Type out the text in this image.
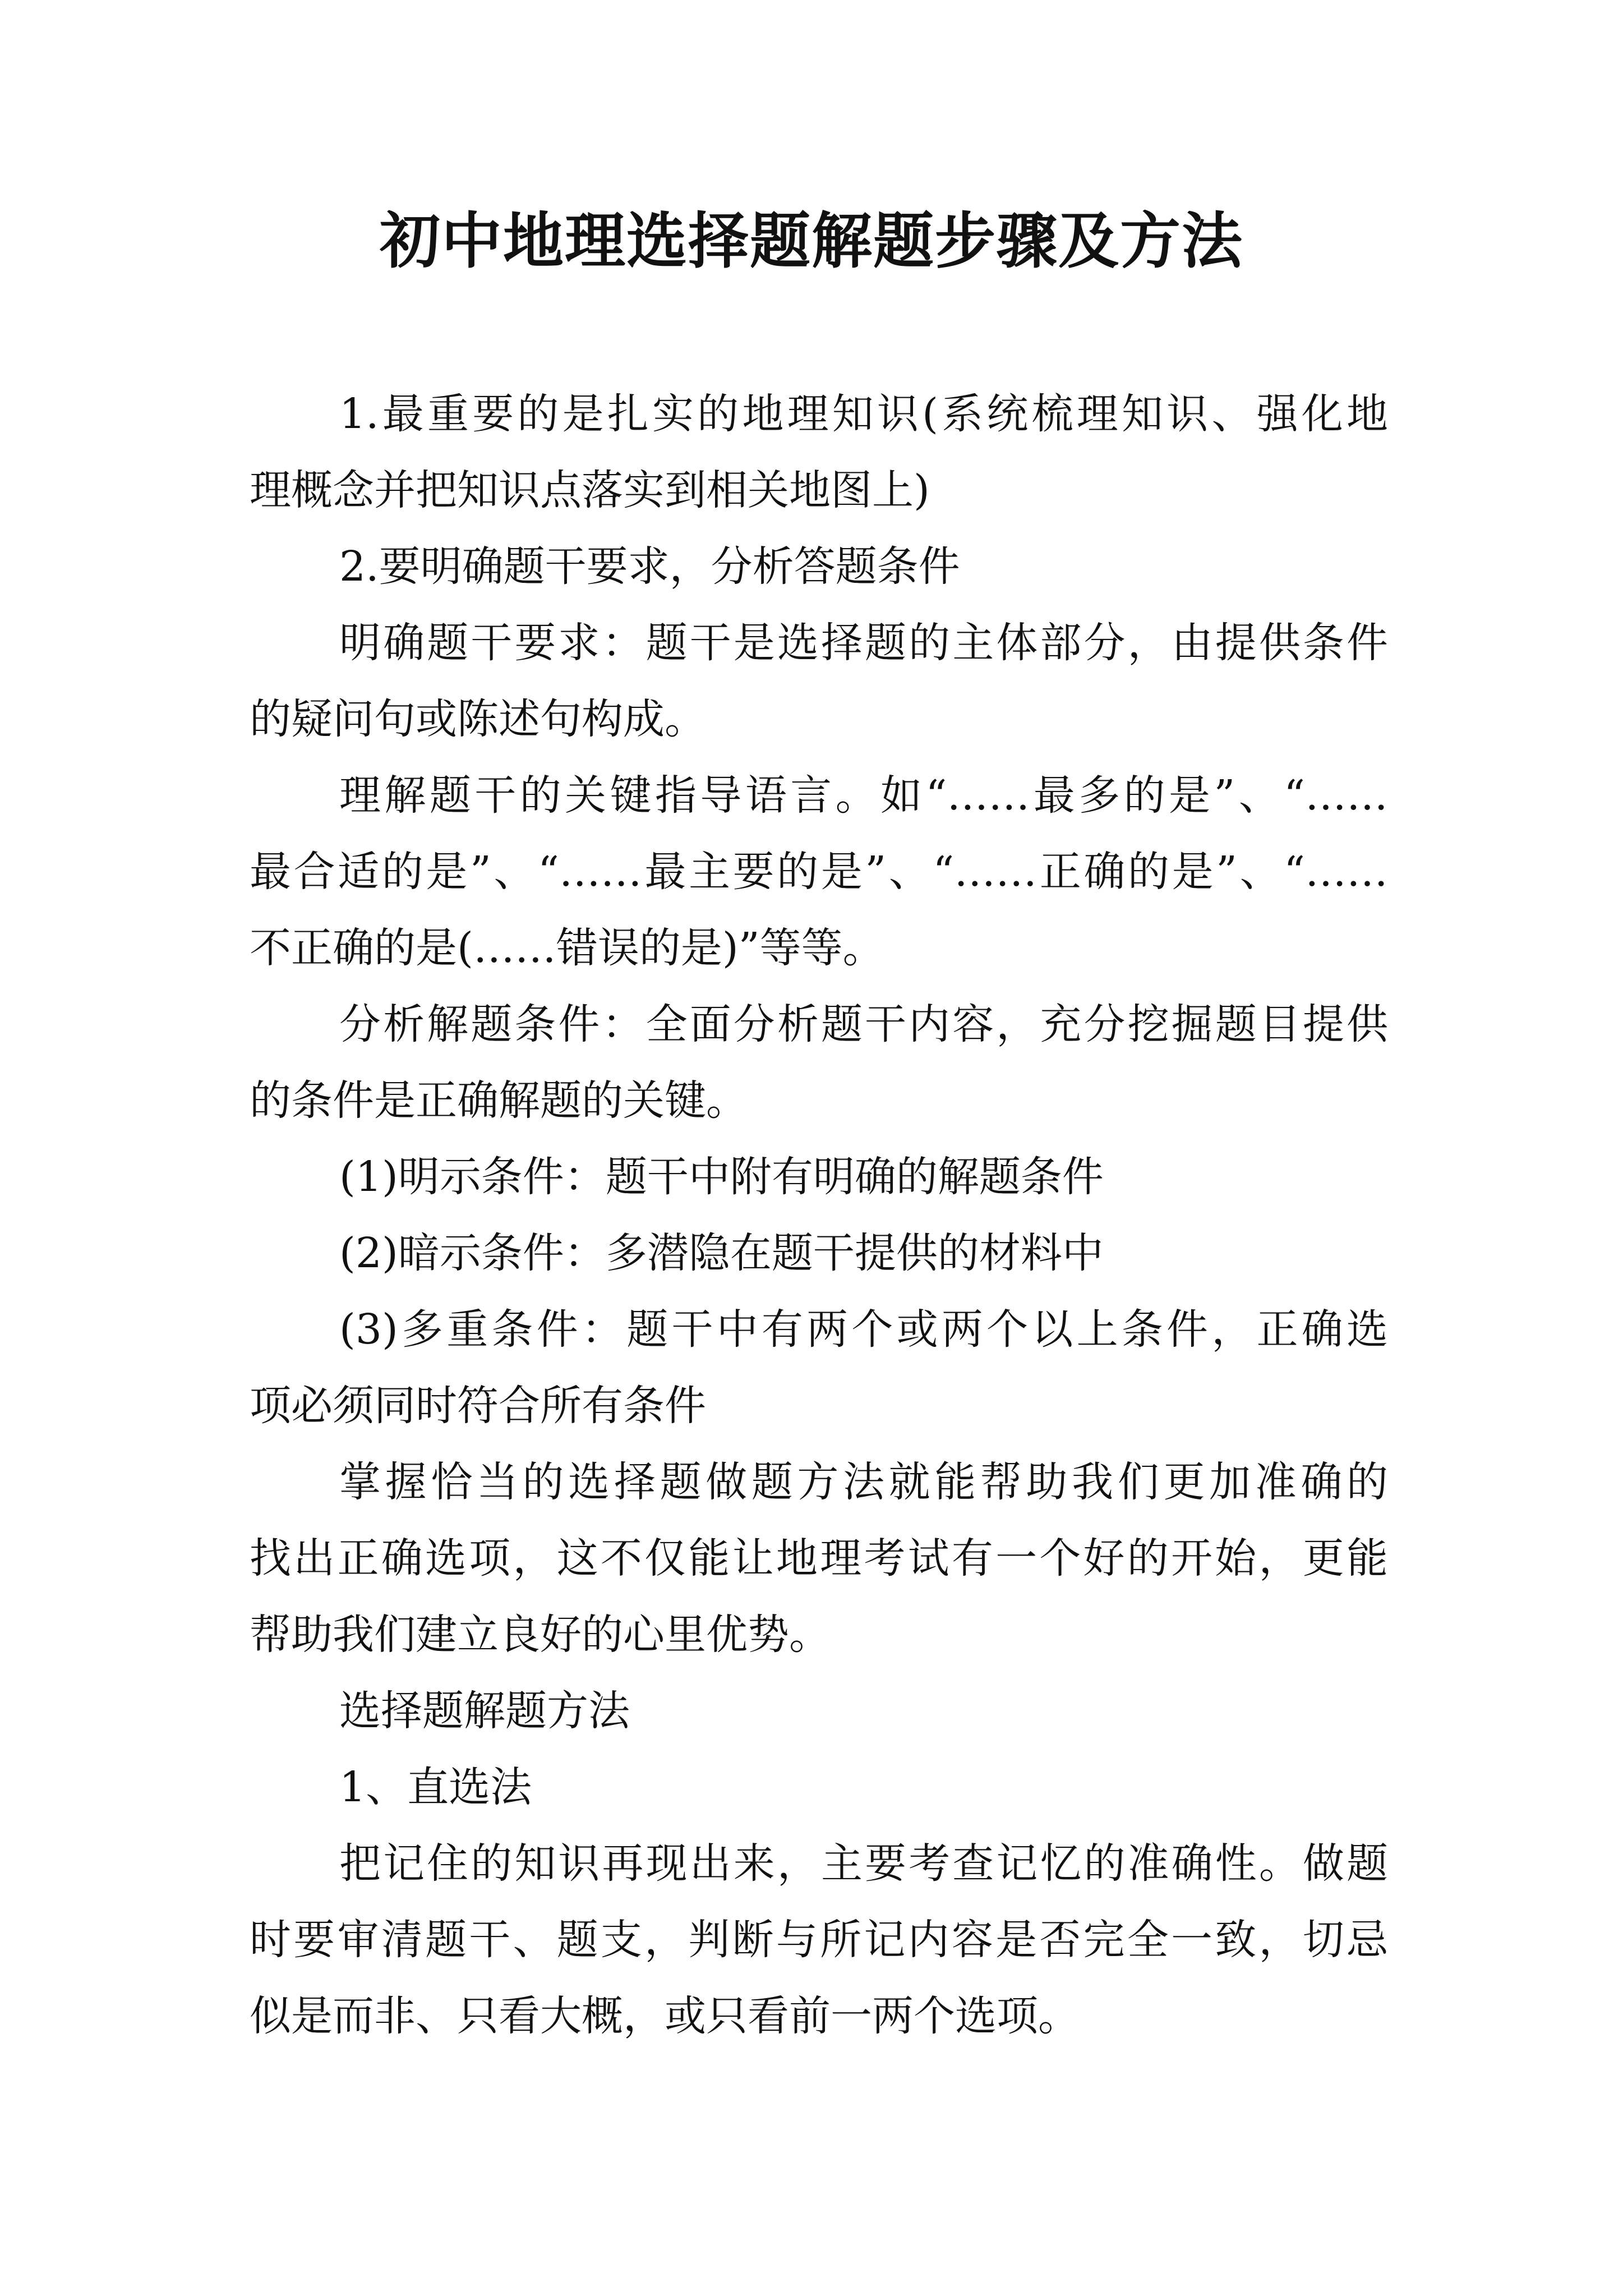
初中地理选择题解题步骤及方法
1.最重要的是扎实的地理知识(系统梳理知识、强化地
理概念并把知识点落实到相关地图上)
2.要明确题干要求，分析答题条件
明确题干要求：题干是选择题的主体部分，由提供条件
的疑问句或陈述句构成。
理解题干的关键指导语言。如“……最多的是”、“……
最合适的是”、“……最主要的是”、“……正确的是”、“……
不正确的是(……错误的是)”等等。
分析解题条件：全面分析题干内容，充分挖掘题目提供
的条件是正确解题的关键。
(1)明示条件：题干中附有明确的解题条件
(2)暗示条件：多潜隐在题干提供的材料中
(3)多重条件：题干中有两个或两个以上条件，正确选
项必须同时符合所有条件
掌握恰当的选择题做题方法就能帮助我们更加准确的
找出正确选项，这不仅能让地理考试有一个好的开始，更能
帮助我们建立良好的心里优势。
选择题解题方法
1、直选法
把记住的知识再现出来，主要考查记忆的准确性。做题
时要审清题干、题支，判断与所记内容是否完全一致，切忌
似是而非、只看大概，或只看前一两个选项。
